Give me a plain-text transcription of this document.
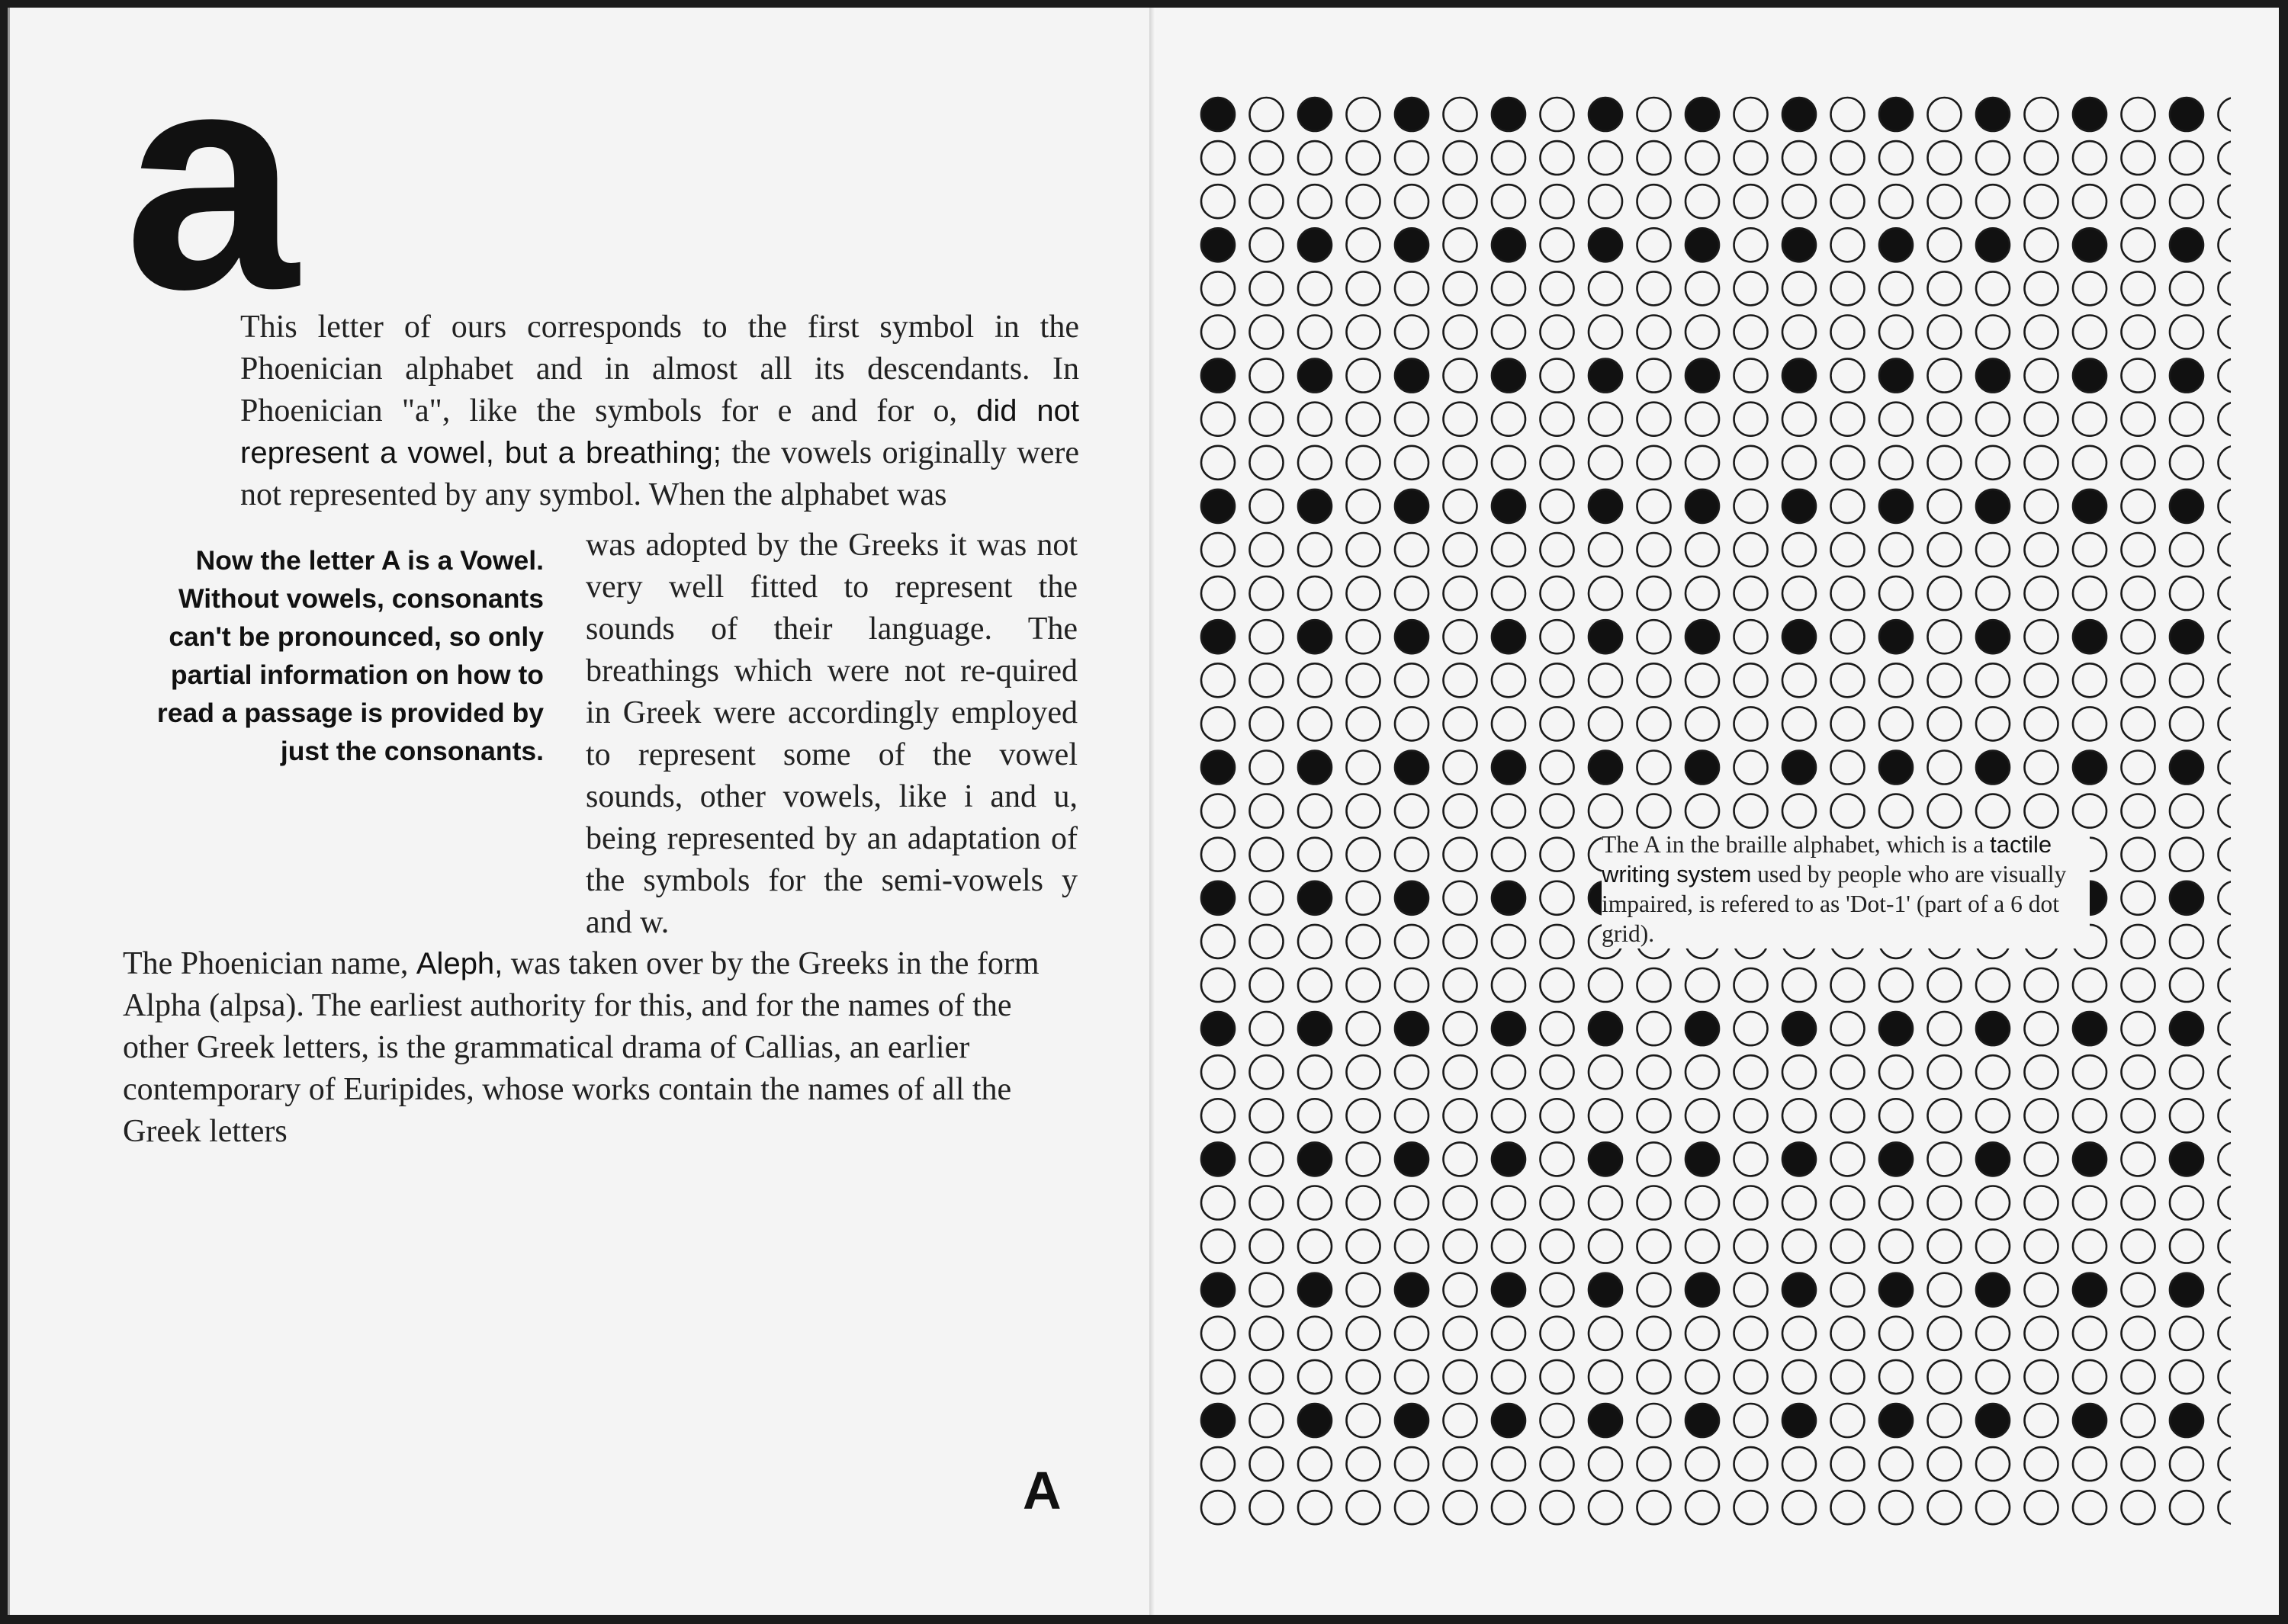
a

This letter of ours corresponds to the first symbol in the Phoenician alphabet and in almost all its descendants. In Phoenician "a", like the symbols for e and for o, did not represent a vowel, but a breathing; the vowels originally were not represented by any symbol. When the alphabet was

Now the letter A is a Vowel. Without vowels, consonants can't be pronounced, so only partial information on how to read a passage is provided by just the consonants.

was adopted by the Greeks it was not very well fitted to represent the sounds of their language. The breathings which were not re-quired in Greek were accordingly employed to represent some of the vowel sounds, other vowels, like i and u, being represented by an adaptation of the symbols for the semi-vowels y and w.

The Phoenician name, Aleph, was taken over by the Greeks in the form Alpha (alpsa). The earliest authority for this, and for the names of the other Greek letters, is the grammatical drama of Callias, an earlier contemporary of Euripides, whose works contain the names of all the Greek letters

A

The A in the braille alphabet, which is a tactile writing system used by people who are visually impaired, is refered to as 'Dot-1' (part of a 6 dot grid).
